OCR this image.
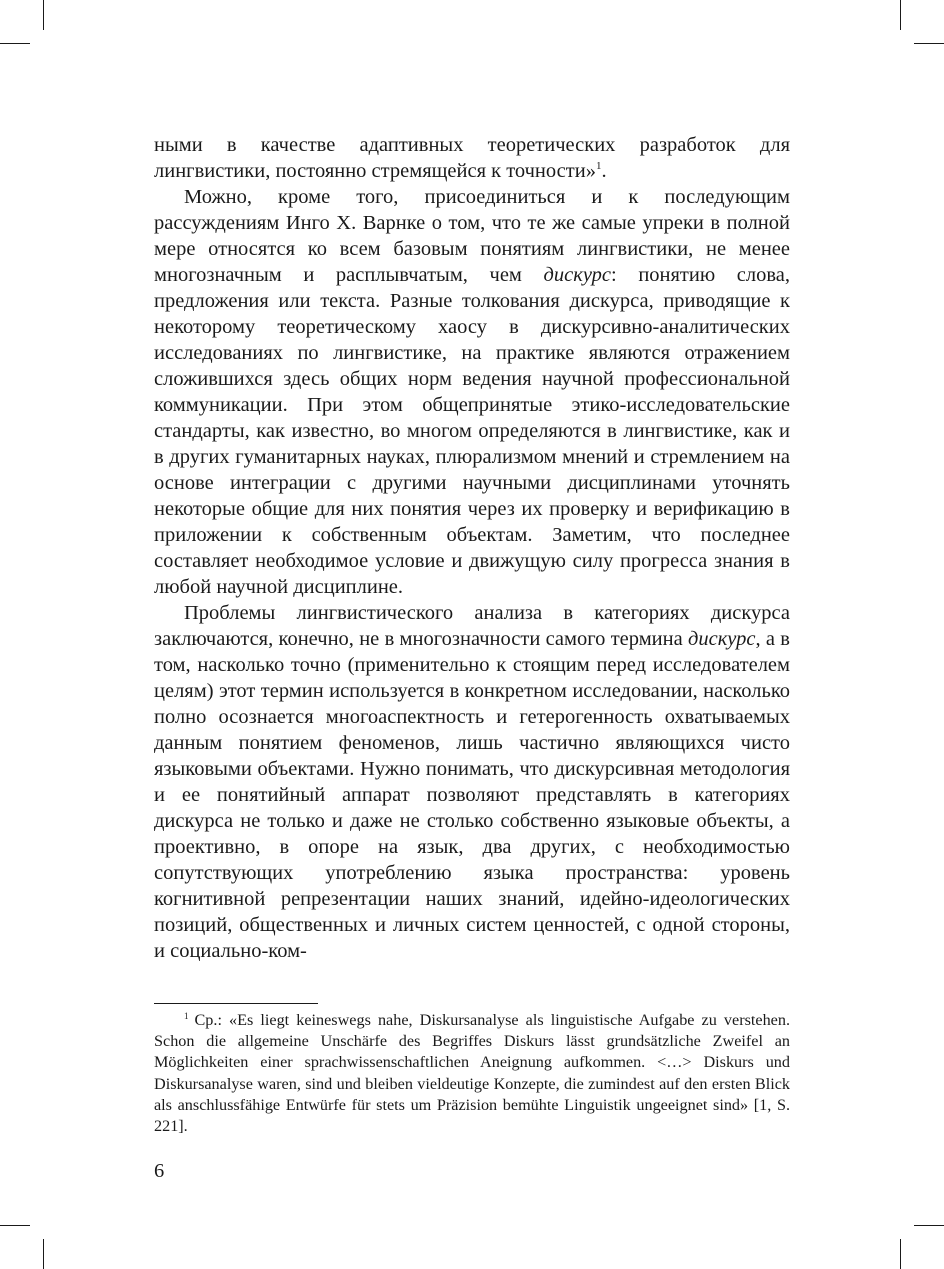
ными в качестве адаптивных теоретических разработок для лингвистики, постоянно стремящейся к точности»$^1$.

Можно, кроме того, присоединиться и к последующим рассуждениям Инго Х. Варнке о том, что те же самые упреки в полной мере относятся ко всем базовым понятиям лингвистики, не менее многозначным и расплывчатым, чем дискурс: понятию слова, предложения или текста. Разные толкования дискурса, приводящие к некоторому теоретическому хаосу в дискурсивно-аналитических исследованиях по лингвистике, на практике являются отражением сложившихся здесь общих норм ведения научной профессиональной коммуникации. При этом общепринятые этико-исследовательские стандарты, как известно, во многом определяются в лингвистике, как и в других гуманитарных науках, плюрализмом мнений и стремлением на основе интеграции с другими научными дисциплинами уточнять некоторые общие для них понятия через их проверку и верификацию в приложении к собственным объектам. Заметим, что последнее составляет необходимое условие и движущую силу прогресса знания в любой научной дисциплине.

Проблемы лингвистического анализа в категориях дискурса заключаются, конечно, не в многозначности самого термина дискурс, а в том, насколько точно (применительно к стоящим перед исследователем целям) этот термин используется в конкретном исследовании, насколько полно осознается многоаспектность и гетерогенность охватываемых данным понятием феноменов, лишь частично являющихся чисто языковыми объектами. Нужно понимать, что дискурсивная методология и ее понятийный аппарат позволяют представлять в категориях дискурса не только и даже не столько собственно языковые объекты, а проективно, в опоре на язык, два других, с необходимостью сопутствующих употреблению языка пространства: уровень когнитивной репрезентации наших знаний, идейно-идеологических позиций, общественных и личных систем ценностей, с одной стороны, и социально-ком-

$^1$ Ср.: «Es liegt keineswegs nahe, Diskursanalyse als linguistische Aufgabe zu verstehen. Schon die allgemeine Unschärfe des Begriffes Diskurs lässt grundsätzliche Zweifel an Möglichkeiten einer sprachwissenschaftlichen Aneignung aufkommen. <…> Diskurs und Diskursanalyse waren, sind und bleiben vieldeutige Konzepte, die zumindest auf den ersten Blick als anschlussfähige Entwürfe für stets um Präzision bemühte Linguistik ungeeignet sind» [1, S. 221].

6
